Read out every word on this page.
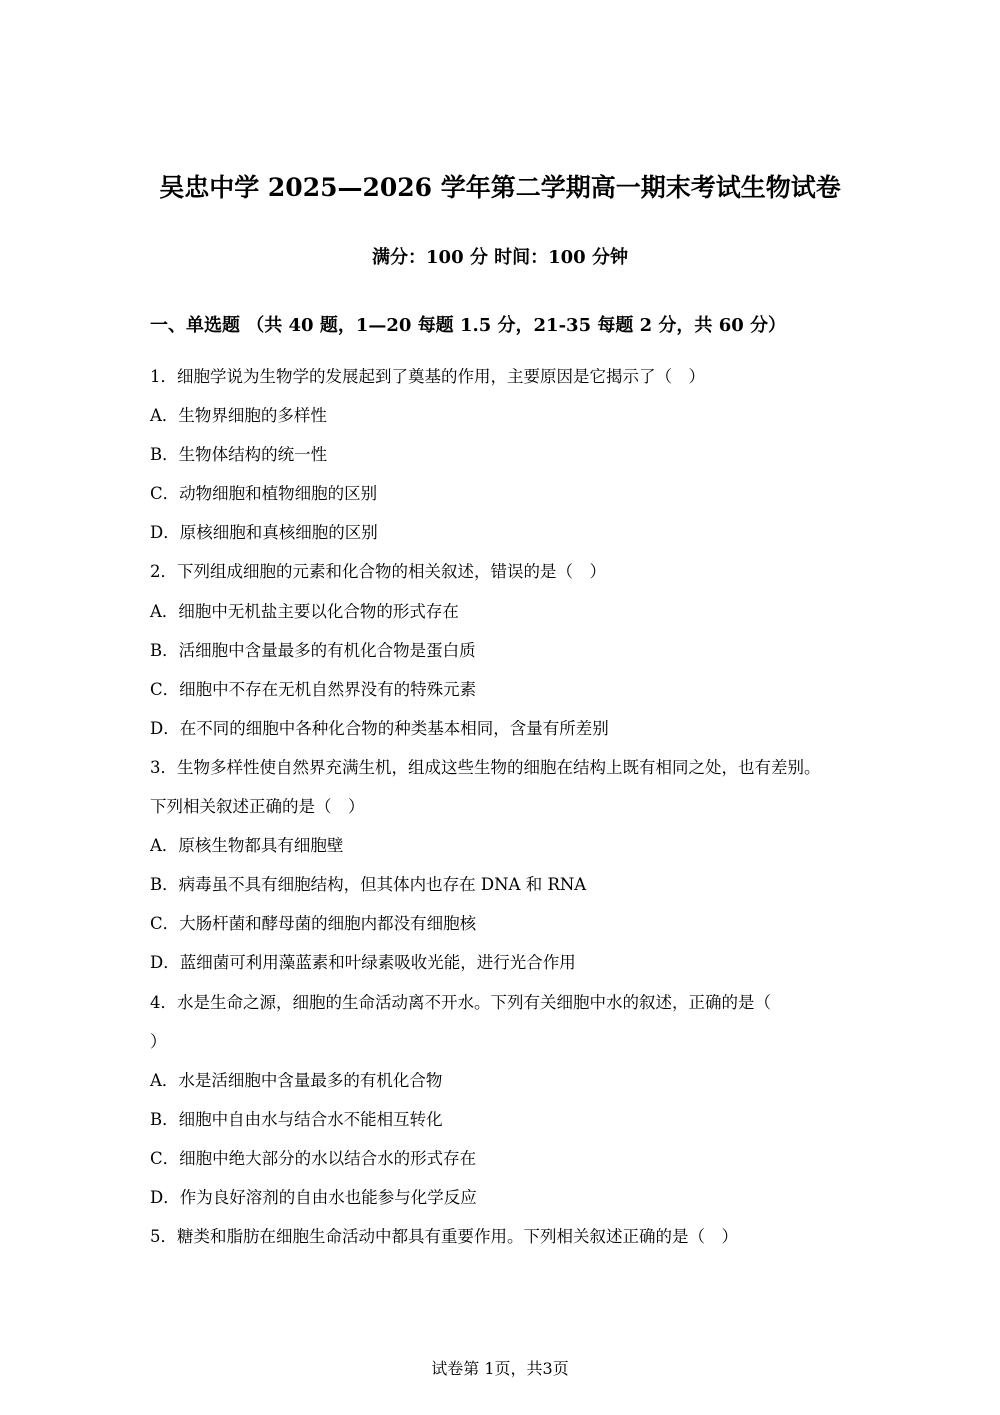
吴忠中学 2025—2026 学年第二学期高一期末考试生物试卷
满分：100 分 时间：100 分钟
一、单选题 （共 40 题，1—20 每题 1.5 分，21-35 每题 2 分，共 60 分）
1．细胞学说为生物学的发展起到了奠基的作用，主要原因是它揭示了（　）
A．生物界细胞的多样性
B．生物体结构的统一性
C．动物细胞和植物细胞的区别
D．原核细胞和真核细胞的区别
2．下列组成细胞的元素和化合物的相关叙述，错误的是（　）
A．细胞中无机盐主要以化合物的形式存在
B．活细胞中含量最多的有机化合物是蛋白质
C．细胞中不存在无机自然界没有的特殊元素
D．在不同的细胞中各种化合物的种类基本相同，含量有所差别
3．生物多样性使自然界充满生机，组成这些生物的细胞在结构上既有相同之处，也有差别。
下列相关叙述正确的是（　）
A．原核生物都具有细胞壁
B．病毒虽不具有细胞结构，但其体内也存在 DNA 和 RNA
C．大肠杆菌和酵母菌的细胞内都没有细胞核
D．蓝细菌可利用藻蓝素和叶绿素吸收光能，进行光合作用
4．水是生命之源，细胞的生命活动离不开水。下列有关细胞中水的叙述，正确的是（
）
A．水是活细胞中含量最多的有机化合物
B．细胞中自由水与结合水不能相互转化
C．细胞中绝大部分的水以结合水的形式存在
D．作为良好溶剂的自由水也能参与化学反应
5．糖类和脂肪在细胞生命活动中都具有重要作用。下列相关叙述正确的是（　）
试卷第 1页，共3页
